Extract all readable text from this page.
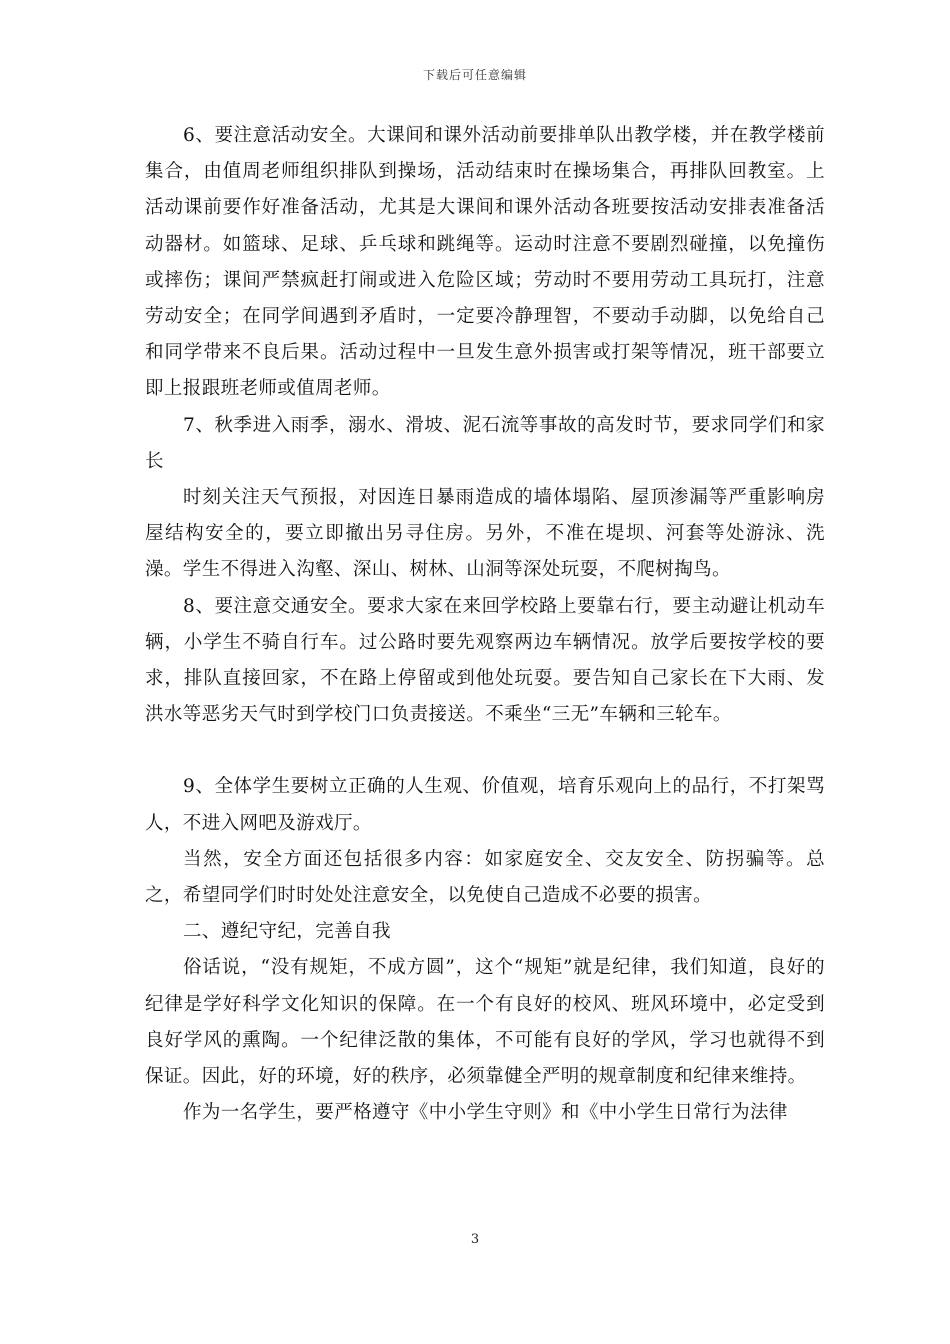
下载后可任意编辑

6、要注意活动安全。大课间和课外活动前要排单队出教学楼，并在教学楼前集合，由值周老师组织排队到操场，活动结束时在操场集合，再排队回教室。上活动课前要作好准备活动，尤其是大课间和课外活动各班要按活动安排表准备活动器材。如篮球、足球、乒乓球和跳绳等。运动时注意不要剧烈碰撞，以免撞伤或摔伤；课间严禁疯赶打闹或进入危险区域；劳动时不要用劳动工具玩打，注意劳动安全；在同学间遇到矛盾时，一定要冷静理智，不要动手动脚，以免给自己和同学带来不良后果。活动过程中一旦发生意外损害或打架等情况，班干部要立即上报跟班老师或值周老师。

7、秋季进入雨季，溺水、滑坡、泥石流等事故的高发时节，要求同学们和家长

时刻关注天气预报，对因连日暴雨造成的墙体塌陷、屋顶渗漏等严重影响房屋结构安全的，要立即撤出另寻住房。另外，不准在堤坝、河套等处游泳、洗澡。学生不得进入沟壑、深山、树林、山洞等深处玩耍，不爬树掏鸟。

8、要注意交通安全。要求大家在来回学校路上要靠右行，要主动避让机动车辆，小学生不骑自行车。过公路时要先观察两边车辆情况。放学后要按学校的要求，排队直接回家，不在路上停留或到他处玩耍。要告知自己家长在下大雨、发洪水等恶劣天气时到学校门口负责接送。不乘坐“三无”车辆和三轮车。

9、全体学生要树立正确的人生观、价值观，培育乐观向上的品行，不打架骂人，不进入网吧及游戏厅。

当然，安全方面还包括很多内容：如家庭安全、交友安全、防拐骗等。总之，希望同学们时时处处注意安全，以免使自己造成不必要的损害。

二、遵纪守纪，完善自我

俗话说，“没有规矩，不成方圆”，这个“规矩”就是纪律，我们知道，良好的纪律是学好科学文化知识的保障。在一个有良好的校风、班风环境中，必定受到良好学风的熏陶。一个纪律泛散的集体，不可能有良好的学风，学习也就得不到保证。因此，好的环境，好的秩序，必须靠健全严明的规章制度和纪律来维持。

作为一名学生，要严格遵守《中小学生守则》和《中小学生日常行为法律

3
